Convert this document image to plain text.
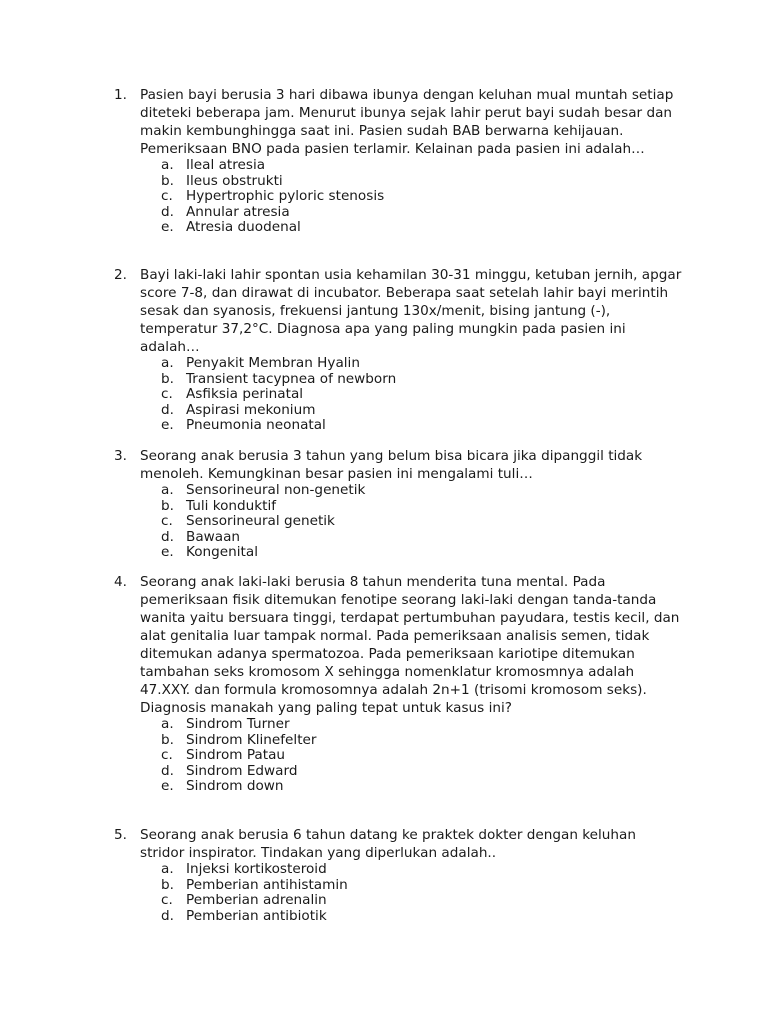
1. Pasien bayi berusia 3 hari dibawa ibunya dengan keluhan mual muntah setiap diteteki beberapa jam. Menurut ibunya sejak lahir perut bayi sudah besar dan makin kembunghingga saat ini. Pasien sudah BAB berwarna kehijauan. Pemeriksaan BNO pada pasien terlamir. Kelainan pada pasien ini adalah…
a. Ileal atresia
b. Ileus obstrukti
c. Hypertrophic pyloric stenosis
d. Annular atresia
e. Atresia duodenal
2. Bayi laki-laki lahir spontan usia kehamilan 30-31 minggu, ketuban jernih, apgar score 7-8, dan dirawat di incubator. Beberapa saat setelah lahir bayi merintih sesak dan syanosis, frekuensi jantung 130x/menit, bising jantung (-), temperatur 37,2°C. Diagnosa apa yang paling mungkin pada pasien ini adalah…
a. Penyakit Membran Hyalin
b. Transient tacypnea of newborn
c. Asfiksia perinatal
d. Aspirasi mekonium
e. Pneumonia neonatal
3. Seorang anak berusia 3 tahun yang belum bisa bicara jika dipanggil tidak menoleh. Kemungkinan besar pasien ini mengalami tuli…
a. Sensorineural non-genetik
b. Tuli konduktif
c. Sensorineural genetik
d. Bawaan
e. Kongenital
4. Seorang anak laki-laki berusia 8 tahun menderita tuna mental. Pada pemeriksaan fisik ditemukan fenotipe seorang laki-laki dengan tanda-tanda wanita yaitu bersuara tinggi, terdapat pertumbuhan payudara, testis kecil, dan alat genitalia luar tampak normal. Pada pemeriksaan analisis semen, tidak ditemukan adanya spermatozoa. Pada pemeriksaan kariotipe ditemukan tambahan seks kromosom X sehingga nomenklatur kromosmnya adalah 47.XXY. dan formula kromosomnya adalah 2n+1 (trisomi kromosom seks). Diagnosis manakah yang paling tepat untuk kasus ini?
a. Sindrom Turner
b. Sindrom Klinefelter
c. Sindrom Patau
d. Sindrom Edward
e. Sindrom down
5. Seorang anak berusia 6 tahun datang ke praktek dokter dengan keluhan stridor inspirator. Tindakan yang diperlukan adalah..
a. Injeksi kortikosteroid
b. Pemberian antihistamin
c. Pemberian adrenalin
d. Pemberian antibiotik
